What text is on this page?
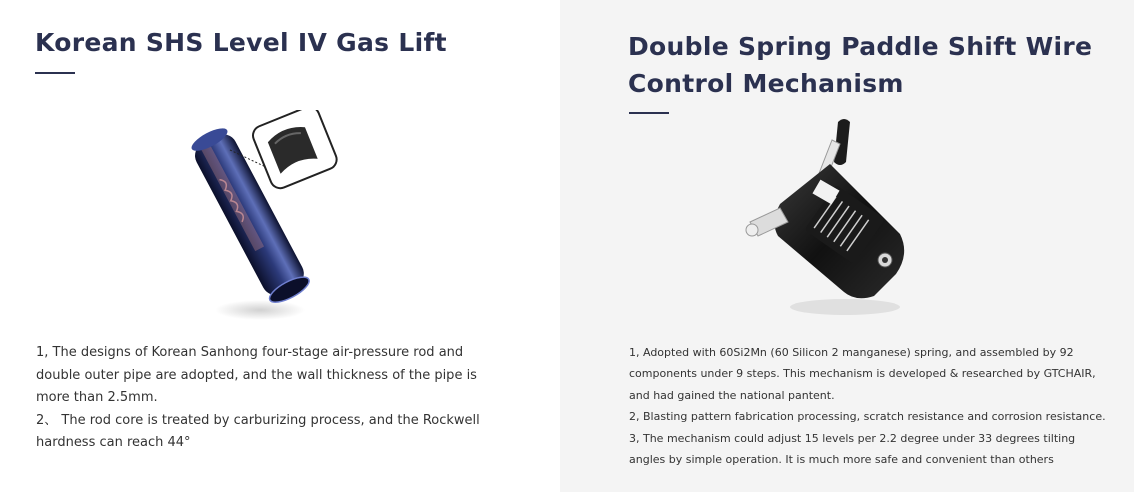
Korean SHS Level IV Gas Lift

1, The designs of Korean Sanhong four-stage air-pressure rod and double outer pipe are adopted, and the wall thickness of the pipe is more than 2.5mm.

2、 The rod core is treated by carburizing process, and the Rockwell hardness can reach 44°

Double Spring Paddle Shift Wire Control Mechanism

1, Adopted with 60Si2Mn (60 Silicon 2 manganese) spring, and assembled by 92 components under 9 steps. This mechanism is developed & researched by GTCHAIR, and had gained the national pantent.

2, Blasting pattern fabrication processing, scratch resistance and corrosion resistance.

3, The mechanism could adjust 15 levels per 2.2 degree under 33 degrees tilting angles by simple operation. It is much more safe and convenient than others
